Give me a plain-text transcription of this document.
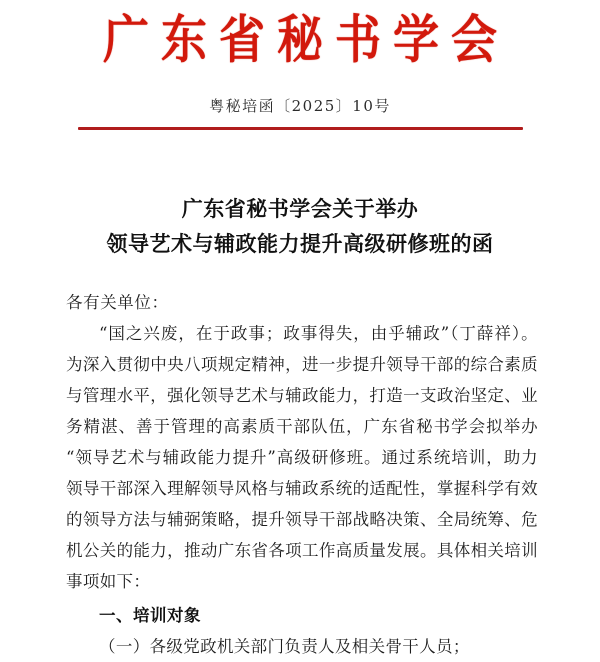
广东省秘书学会
粤秘培函〔2025〕10号
广东省秘书学会关于举办
领导艺术与辅政能力提升高级研修班的函

各有关单位：

“国之兴废，在于政事；政事得失，由乎辅政”（丁薛祥）。为深入贯彻中央八项规定精神，进一步提升领导干部的综合素质与管理水平，强化领导艺术与辅政能力，打造一支政治坚定、业务精湛、善于管理的高素质干部队伍，广东省秘书学会拟举办“领导艺术与辅政能力提升”高级研修班。通过系统培训，助力领导干部深入理解领导风格与辅政系统的适配性，掌握科学有效的领导方法与辅弼策略，提升领导干部战略决策、全局统筹、危机公关的能力，推动广东省各项工作高质量发展。具体相关培训事项如下：

一、培训对象

（一）各级党政机关部门负责人及相关骨干人员；
